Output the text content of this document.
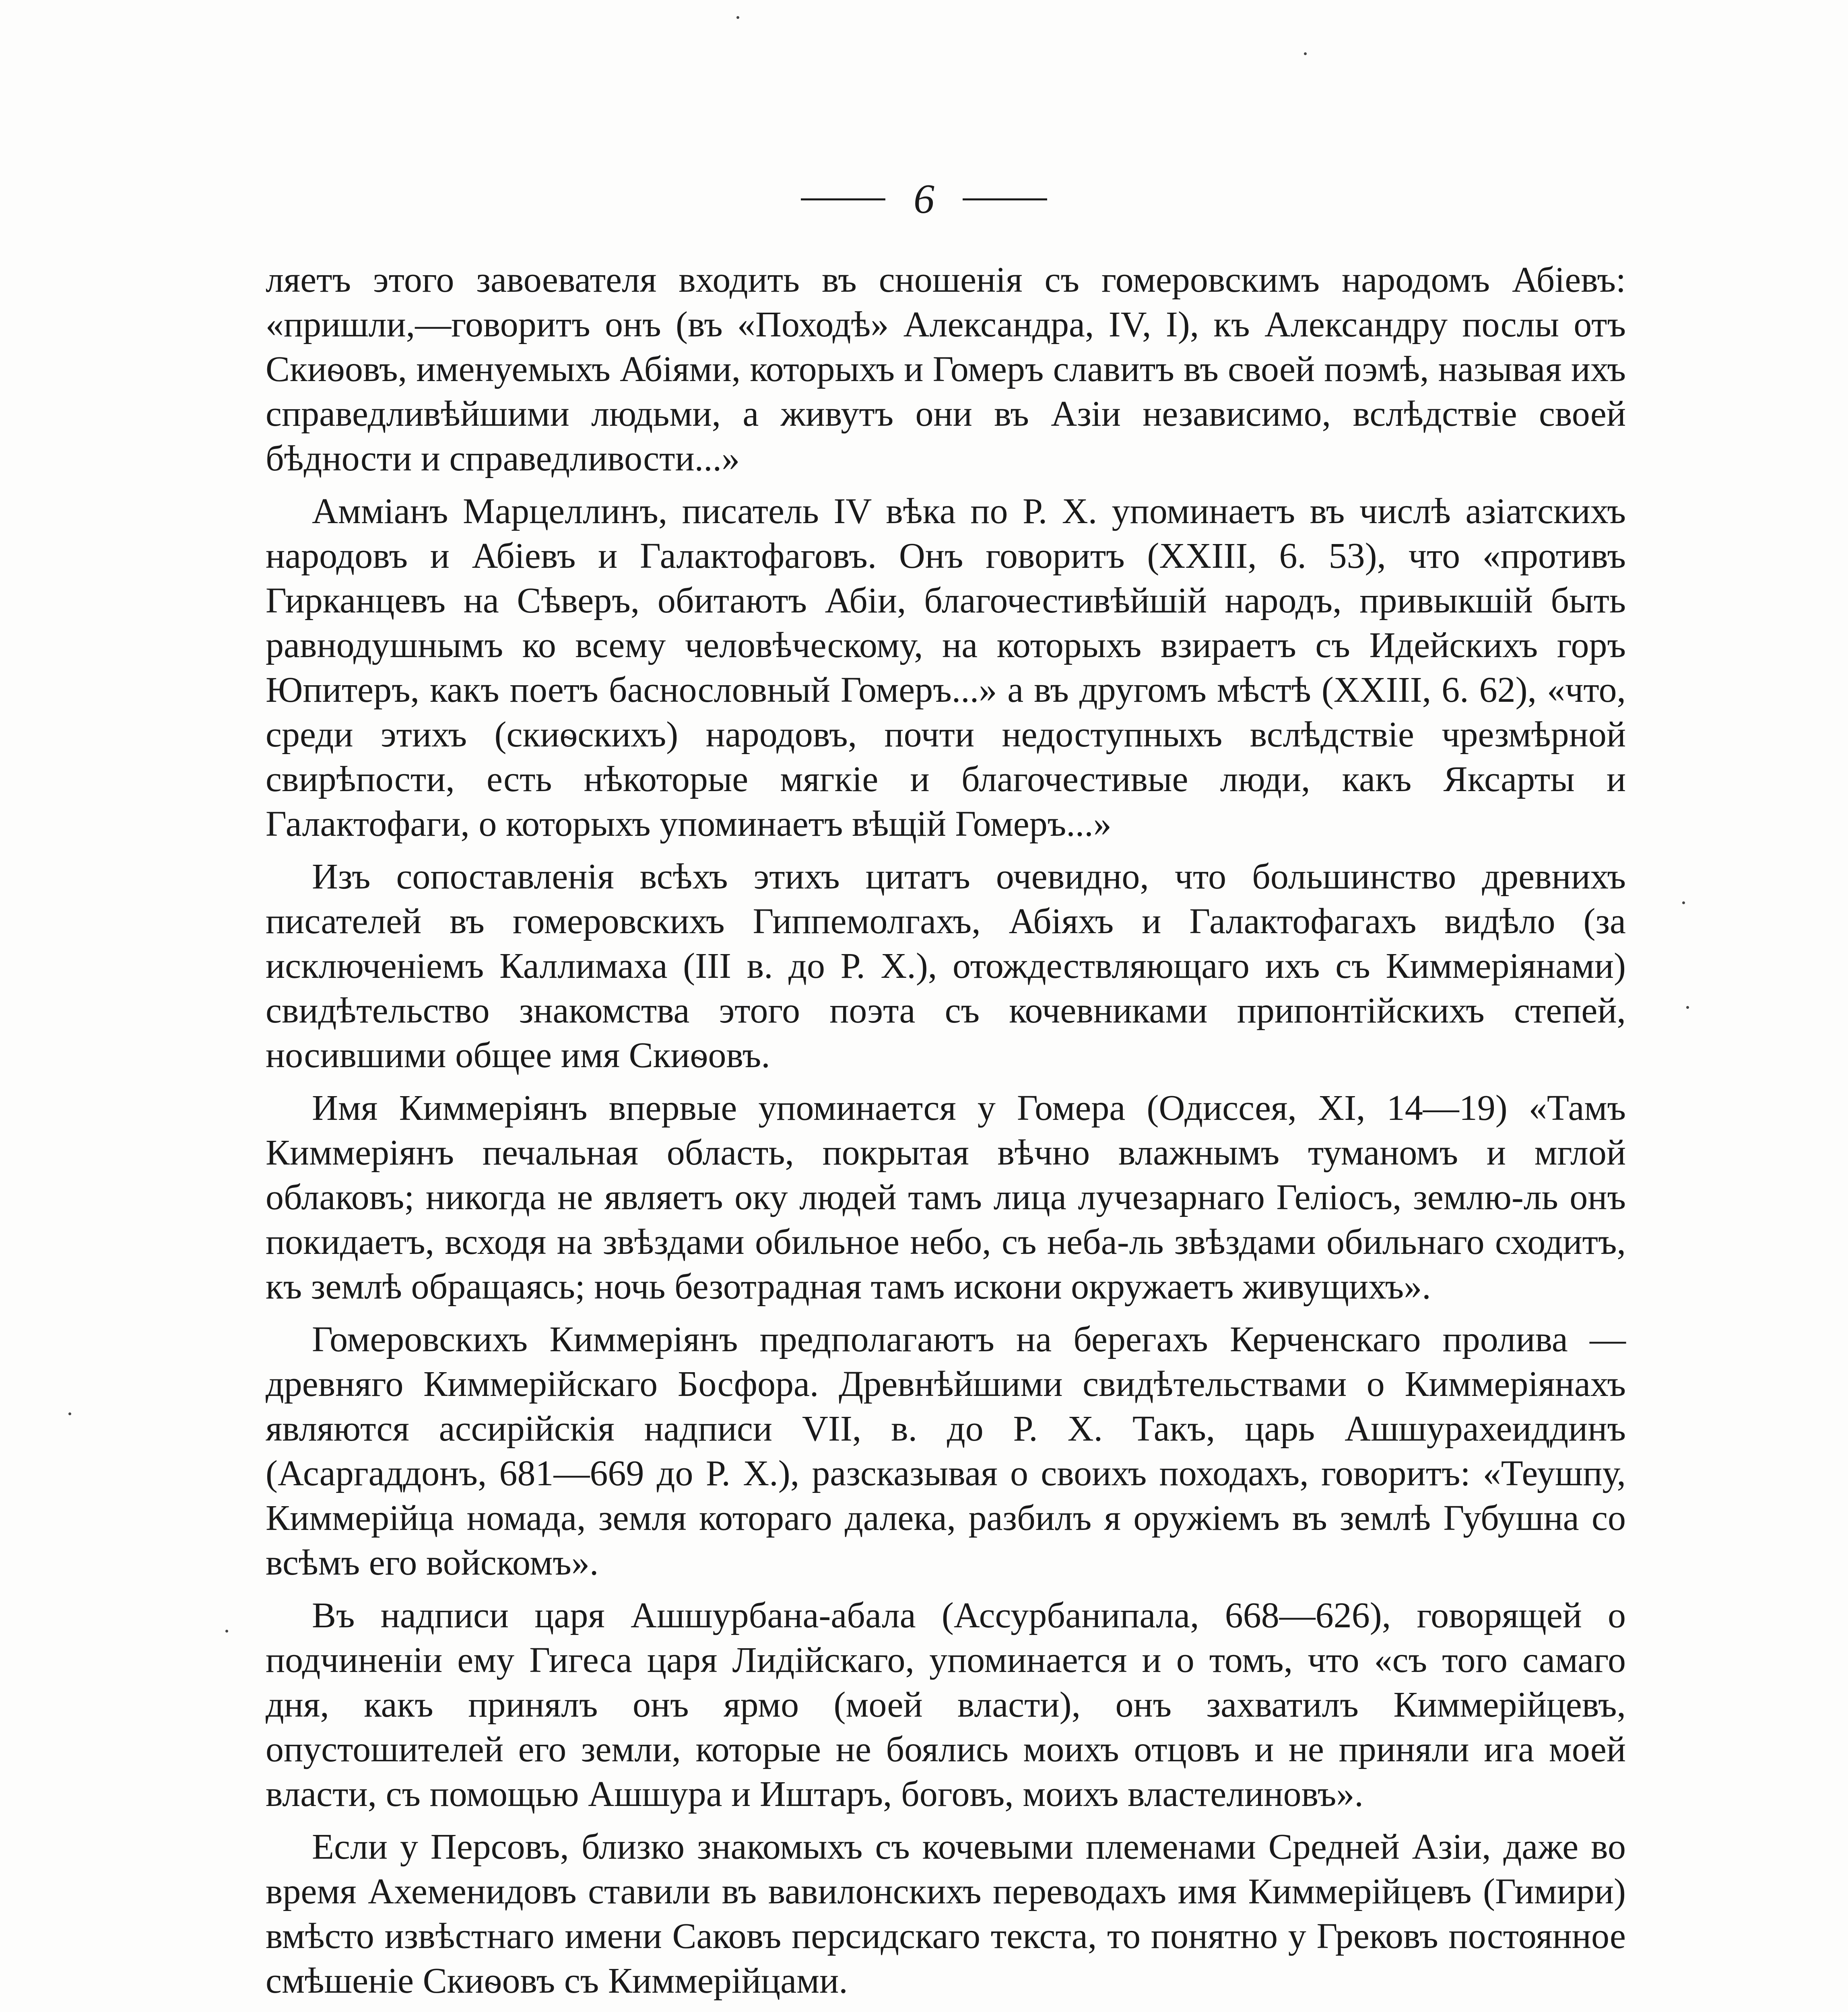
6

ляетъ этого завоевателя входить въ сношенія съ гомеровскимъ народомъ Абіевъ: «пришли,—говоритъ онъ (въ «Походѣ» Александра, IV, I), къ Александру послы отъ Скиѳовъ, именуемыхъ Абіями, которыхъ и Гомеръ славитъ въ своей поэмѣ, называя ихъ справедливѣйшими людьми, а живутъ они въ Азіи независимо, вслѣдствіе своей бѣдности и справедливости...»

Амміанъ Марцеллинъ, писатель IV вѣка по Р. Х. упоминаетъ въ числѣ азіатскихъ народовъ и Абіевъ и Галактофаговъ. Онъ говоритъ (XXIII, 6. 53), что «противъ Гирканцевъ на Сѣверъ, обитаютъ Абіи, благочестивѣйшій народъ, привыкшій быть равнодушнымъ ко всему человѣческому, на которыхъ взираетъ съ Идейскихъ горъ Юпитеръ, какъ поетъ баснословный Гомеръ...» а въ другомъ мѣстѣ (XXIII, 6. 62), «что, среди этихъ (скиѳскихъ) народовъ, почти недоступныхъ вслѣдствіе чрезмѣрной свирѣпости, есть нѣкоторые мягкіе и благочестивые люди, какъ Яксарты и Галактофаги, о которыхъ упоминаетъ вѣщій Гомеръ...»

Изъ сопоставленія всѣхъ этихъ цитатъ очевидно, что большинство древнихъ писателей въ гомеровскихъ Гиппемолгахъ, Абіяхъ и Галактофагахъ видѣло (за исключеніемъ Каллимаха (III в. до Р. Х.), отождествляющаго ихъ съ Киммеріянами) свидѣтельство знакомства этого поэта съ кочевниками припонтійскихъ степей, носившими общее имя Скиѳовъ.

Имя Киммеріянъ впервые упоминается у Гомера (Одиссея, XI, 14—19) «Тамъ Киммеріянъ печальная область, покрытая вѣчно влажнымъ туманомъ и мглой облаковъ; никогда не являетъ оку людей тамъ лица лучезарнаго Геліосъ, землю-ль онъ покидаетъ, всходя на звѣздами обильное небо, съ неба-ль звѣздами обильнаго сходитъ, къ землѣ обращаясь; ночь безотрадная тамъ искони окружаетъ живущихъ».

Гомеровскихъ Киммеріянъ предполагаютъ на берегахъ Керченскаго пролива — древняго Киммерійскаго Босфора. Древнѣйшими свидѣтельствами о Киммеріянахъ являются ассирійскія надписи VII, в. до Р. Х. Такъ, царь Ашшурахеиддинъ (Асаргаддонъ, 681—669 до Р. Х.), разсказывая о своихъ походахъ, говоритъ: «Теушпу, Киммерійца номада, земля котораго далека, разбилъ я оружіемъ въ землѣ Губушна со всѣмъ его войскомъ».

Въ надписи царя Ашшурбана-абала (Ассурбанипала, 668—626), говорящей о подчиненіи ему Гигеса царя Лидійскаго, упоминается и о томъ, что «съ того самаго дня, какъ принялъ онъ ярмо (моей власти), онъ захватилъ Киммерійцевъ, опустошителей его земли, которые не боялись моихъ отцовъ и не приняли ига моей власти, съ помощью Ашшура и Иштаръ, боговъ, моихъ властелиновъ».

Если у Персовъ, близко знакомыхъ съ кочевыми племенами Средней Азіи, даже во время Ахеменидовъ ставили въ вавилонскихъ переводахъ имя Киммерійцевъ (Гимири) вмѣсто извѣстнаго имени Саковъ персидскаго текста, то понятно у Грековъ постоянное смѣшеніе Скиѳовъ съ Киммерійцами.
